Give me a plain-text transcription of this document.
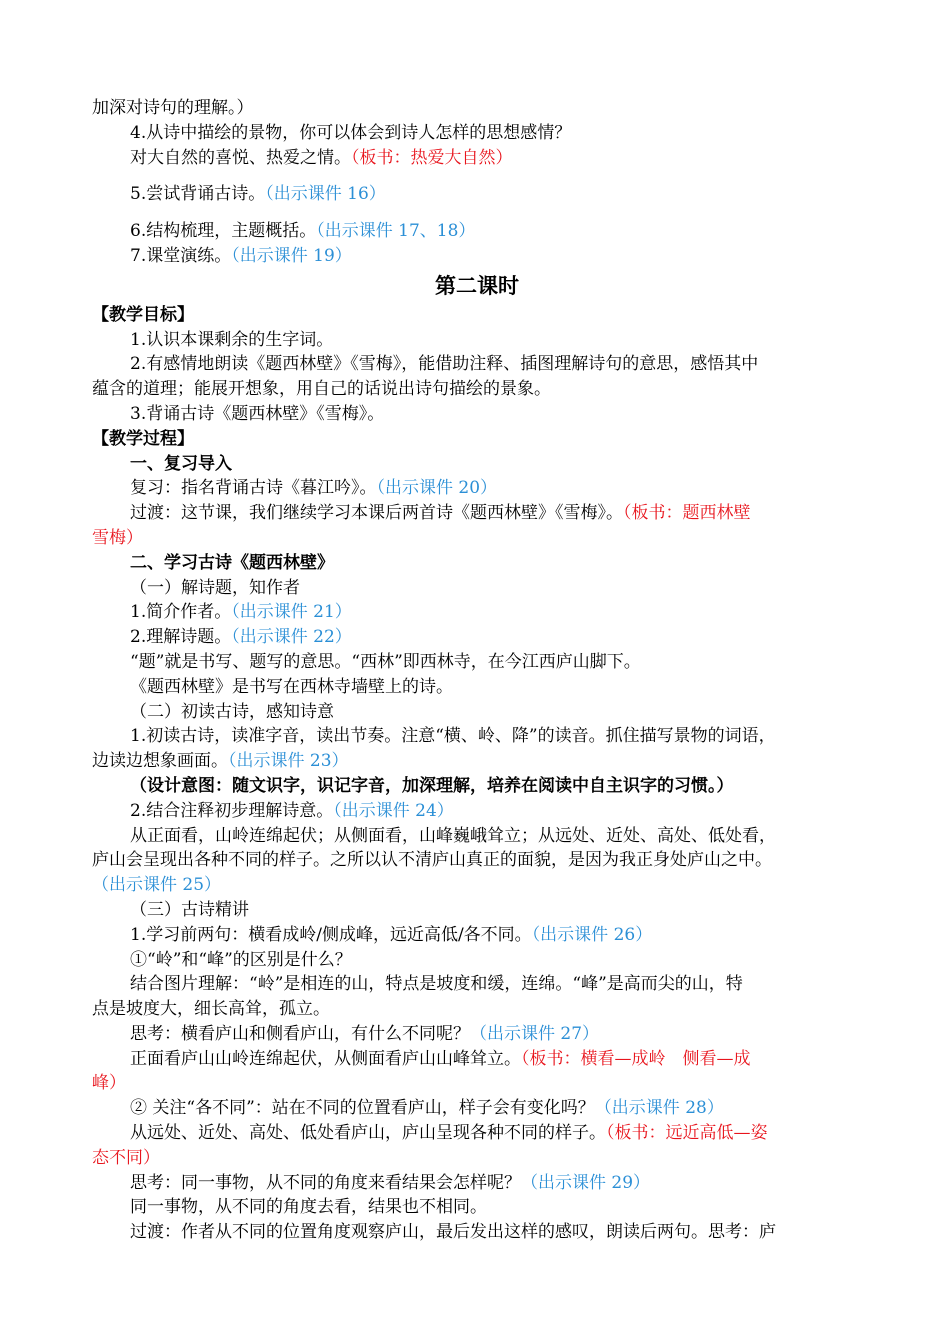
加深对诗句的理解。）
4.从诗中描绘的景物，你可以体会到诗人怎样的思想感情？
对大自然的喜悦、热爱之情。（板书：热爱大自然）
5.尝试背诵古诗。（出示课件 16）
6.结构梳理，主题概括。（出示课件 17、18）
7.课堂演练。（出示课件 19）
第二课时
【教学目标】
1.认识本课剩余的生字词。
2.有感情地朗读《题西林壁》《雪梅》，能借助注释、插图理解诗句的意思，感悟其中
蕴含的道理；能展开想象，用自己的话说出诗句描绘的景象。
3.背诵古诗《题西林壁》《雪梅》。
【教学过程】
一、复习导入
复习：指名背诵古诗《暮江吟》。（出示课件 20）
过渡：这节课，我们继续学习本课后两首诗《题西林壁》《雪梅》。（板书：题西林壁
雪梅）
二、学习古诗《题西林壁》
（一）解诗题，知作者
1.简介作者。（出示课件 21）
2.理解诗题。（出示课件 22）
“题”就是书写、题写的意思。“西林”即西林寺，在今江西庐山脚下。
《题西林壁》是书写在西林寺墙壁上的诗。
（二）初读古诗，感知诗意
1.初读古诗，读准字音，读出节奏。注意“横、岭、降”的读音。抓住描写景物的词语，
边读边想象画面。（出示课件 23）
（设计意图：随文识字，识记字音，加深理解，培养在阅读中自主识字的习惯。）
2.结合注释初步理解诗意。（出示课件 24）
从正面看，山岭连绵起伏；从侧面看，山峰巍峨耸立；从远处、近处、高处、低处看，
庐山会呈现出各种不同的样子。之所以认不清庐山真正的面貌，是因为我正身处庐山之中。
（出示课件 25）
（三）古诗精讲
1.学习前两句：横看成岭/侧成峰，远近高低/各不同。（出示课件 26）
①“岭”和“峰”的区别是什么？
结合图片理解：“岭”是相连的山，特点是坡度和缓，连绵。“峰”是高而尖的山，特
点是坡度大，细长高耸，孤立。
思考：横看庐山和侧看庐山，有什么不同呢？（出示课件 27）
正面看庐山山岭连绵起伏，从侧面看庐山山峰耸立。（板书：横看—成岭　侧看—成
峰）
② 关注“各不同”：站在不同的位置看庐山，样子会有变化吗？（出示课件 28）
从远处、近处、高处、低处看庐山，庐山呈现各种不同的样子。（板书：远近高低—姿
态不同）
思考：同一事物，从不同的角度来看结果会怎样呢？（出示课件 29）
同一事物，从不同的角度去看，结果也不相同。
过渡：作者从不同的位置角度观察庐山，最后发出这样的感叹，朗读后两句。思考：庐
